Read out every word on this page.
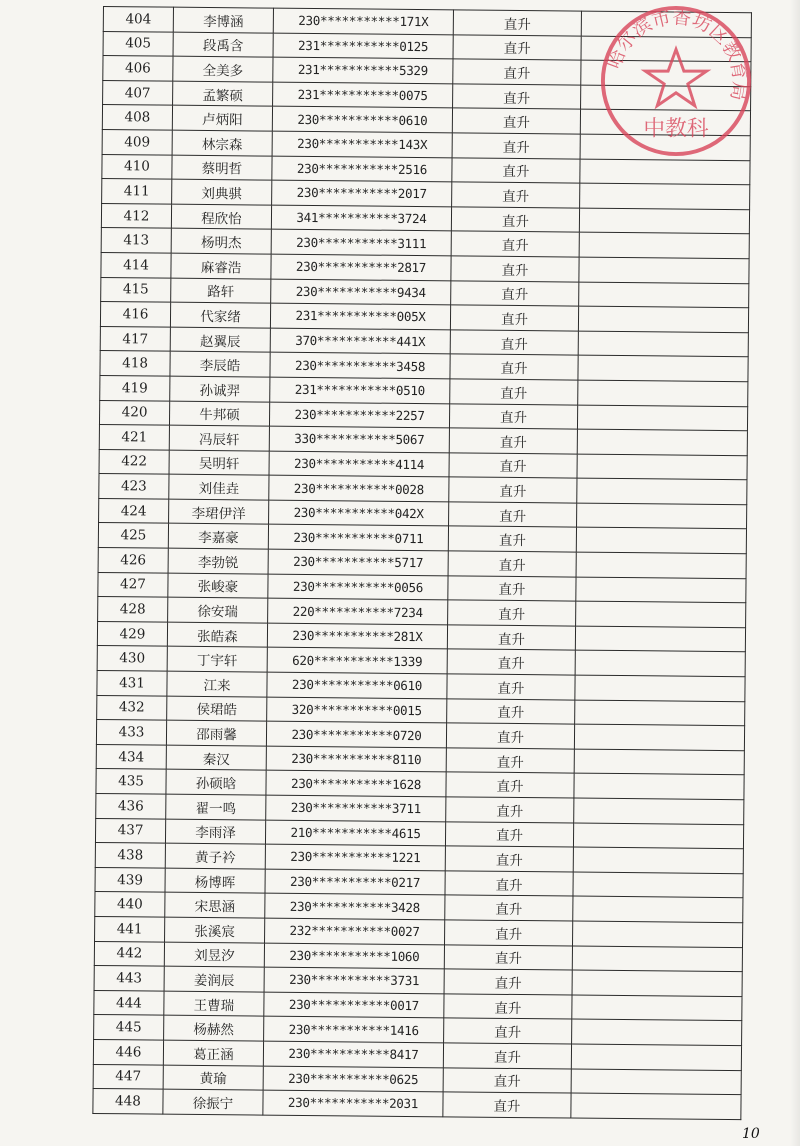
404	李博涵	230***********171X	直升	
405	段禹含	231***********0125	直升	
406	全美多	231***********5329	直升	
407	孟繁硕	231***********0075	直升	
408	卢炳阳	230***********0610	直升	
409	林宗森	230***********143X	直升	
410	蔡明哲	230***********2516	直升	
411	刘典骐	230***********2017	直升	
412	程欣怡	341***********3724	直升	
413	杨明杰	230***********3111	直升	
414	麻睿浩	230***********2817	直升	
415	路轩	230***********9434	直升	
416	代家绪	231***********005X	直升	
417	赵翼辰	370***********441X	直升	
418	李辰皓	230***********3458	直升	
419	孙诚羿	231***********0510	直升	
420	牛邦硕	230***********2257	直升	
421	冯辰轩	330***********5067	直升	
422	吴明轩	230***********4114	直升	
423	刘佳垚	230***********0028	直升	
424	李珺伊洋	230***********042X	直升	
425	李嘉豪	230***********0711	直升	
426	李勃锐	230***********5717	直升	
427	张峻豪	230***********0056	直升	
428	徐安瑞	220***********7234	直升	
429	张皓森	230***********281X	直升	
430	丁宇轩	620***********1339	直升	
431	江来	230***********0610	直升	
432	侯珺皓	320***********0015	直升	
433	邵雨馨	230***********0720	直升	
434	秦汉	230***********8110	直升	
435	孙硕晗	230***********1628	直升	
436	翟一鸣	230***********3711	直升	
437	李雨泽	210***********4615	直升	
438	黄子衿	230***********1221	直升	
439	杨博晖	230***********0217	直升	
440	宋思涵	230***********3428	直升	
441	张溪宸	232***********0027	直升	
442	刘昱汐	230***********1060	直升	
443	姜润辰	230***********3731	直升	
444	王曹瑞	230***********0017	直升	
445	杨赫然	230***********1416	直升	
446	葛正涵	230***********8417	直升	
447	黄瑜	230***********0625	直升	
448	徐振宁	230***********2031	直升	
哈尔滨市香坊区教育局
中教科
10
